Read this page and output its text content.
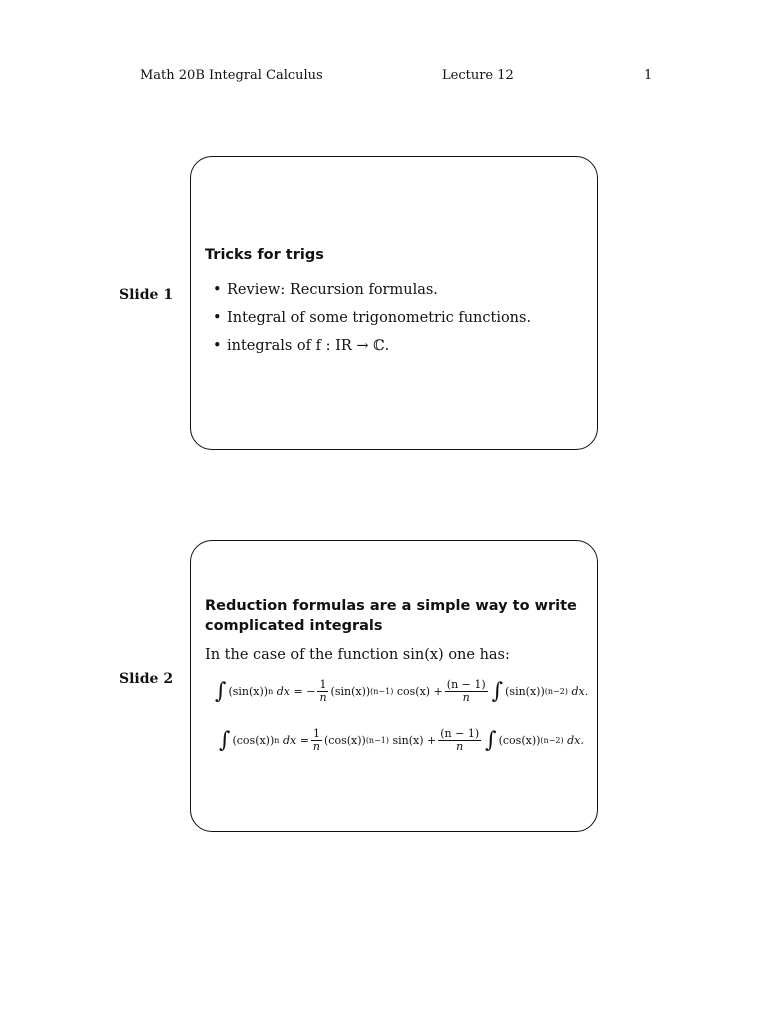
Math 20B Integral Calculus	Lecture 12	1
Slide 1
Tricks for trigs
• Review: Recursion formulas.
• Integral of some trigonometric functions.
• integrals of f : IR → ℂ.
Slide 2
Reduction formulas are a simple way to write complicated integrals
In the case of the function sin(x) one has:
∫ (sin(x)) n
dx
= − $\frac{1}{n} (\sin(x))$ (n−1)
$\cos(x) + \frac{(n - 1)}{n}$ ∫ (sin(x)) (n−2)
dx.
∫ (cos(x)) n
dx
= $\frac{1}{n} (\cos(x))$ (n−1)
$\sin(x) + \frac{(n - 1)}{n}$ ∫ (cos(x)) (n−2)
dx.
